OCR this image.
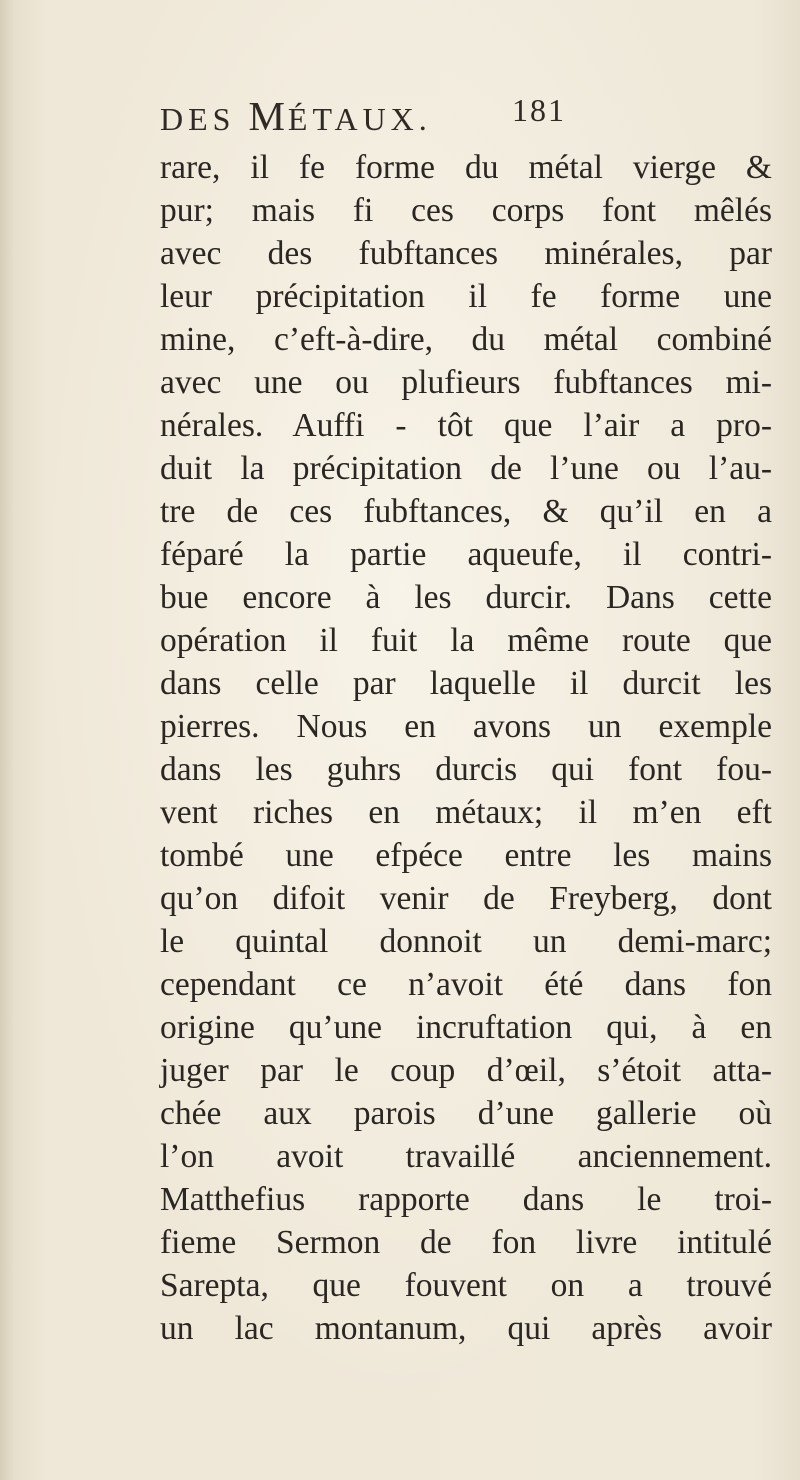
DES MÉTAUX.	181
rare, il fe forme du métal vierge &
pur; mais fi ces corps font mêlés
avec des fubftances minérales, par
leur précipitation il fe forme une
mine, c’eft-à-dire, du métal combiné
avec une ou plufieurs fubftances mi-
nérales. Auffi - tôt que l’air a pro-
duit la précipitation de l’une ou l’au-
tre de ces fubftances, & qu’il en a
féparé la partie aqueufe, il contri-
bue encore à les durcir. Dans cette
opération il fuit la même route que
dans celle par laquelle il durcit les
pierres. Nous en avons un exemple
dans les guhrs durcis qui font fou-
vent riches en métaux; il m’en eft
tombé une efpéce entre les mains
qu’on difoit venir de Freyberg, dont
le quintal donnoit un demi-marc;
cependant ce n’avoit été dans fon
origine qu’une incruftation qui, à en
juger par le coup d’œil, s’étoit atta-
chée aux parois d’une gallerie où
l’on avoit travaillé anciennement.
Matthefius rapporte dans le troi-
fieme Sermon de fon livre intitulé
Sarepta, que fouvent on a trouvé
un lac montanum, qui après avoir
